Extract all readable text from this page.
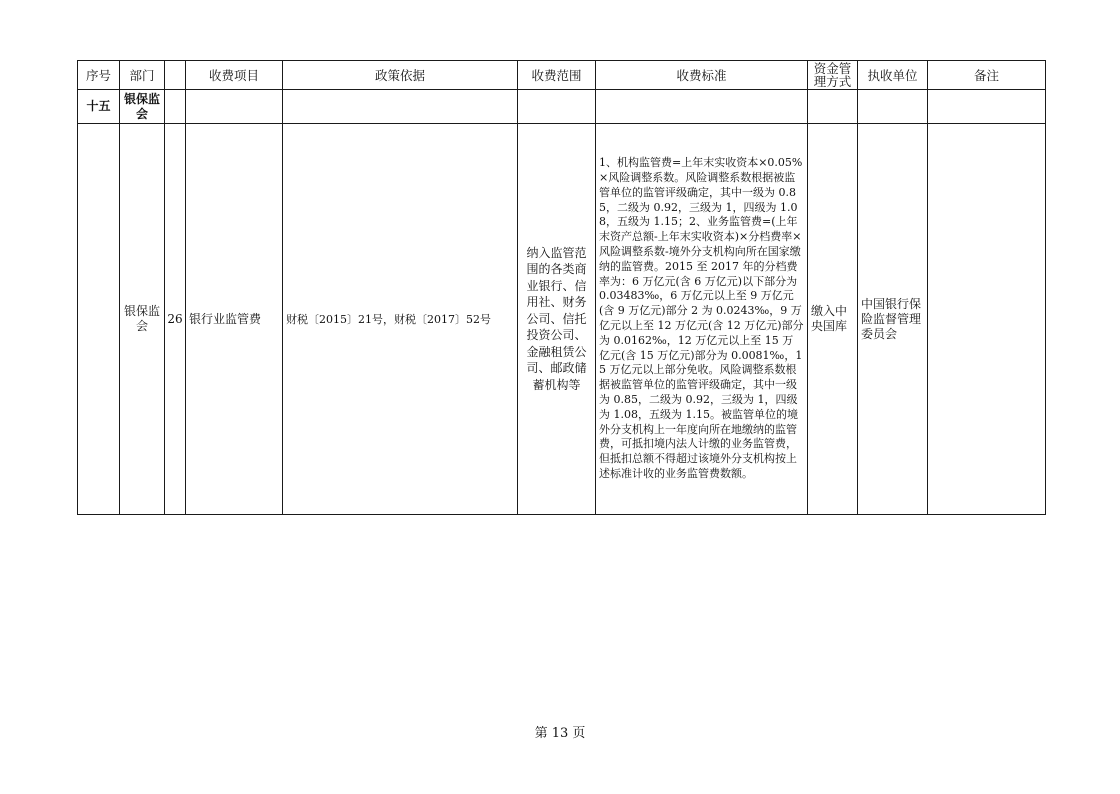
序号	部门		收费项目	政策依据	收费范围	收费标准	资金管理方式	执收单位	备注
十五	银保监会								
	银保监会	26	银行业监管费	财税〔2015〕21号，财税〔2017〕52号	纳入监管范围的各类商业银行、信用社、财务公司、信托投资公司、金融租赁公司、邮政储蓄机构等	1、机构监管费=上年末实收资本×0.05%×风险调整系数。风险调整系数根据被监管单位的监管评级确定，其中一级为 0.85，二级为 0.92，三级为 1，四级为 1.08，五级为 1.15；2、业务监管费=(上年末资产总额-上年末实收资本)×分档费率×风险调整系数-境外分支机构向所在国家缴纳的监管费。2015 至 2017 年的分档费率为：6 万亿元(含 6 万亿元)以下部分为 0.03483‰，6 万亿元以上至 9 万亿元(含 9 万亿元)部分 2 为 0.0243‰，9 万亿元以上至 12 万亿元(含 12 万亿元)部分为 0.0162‰，12 万亿元以上至 15 万亿元(含 15 万亿元)部分为 0.0081‰，15 万亿元以上部分免收。风险调整系数根据被监管单位的监管评级确定，其中一级为 0.85，二级为 0.92，三级为 1，四级为 1.08，五级为 1.15。被监管单位的境外分支机构上一年度向所在地缴纳的监管费，可抵扣境内法人计缴的业务监管费，但抵扣总额不得超过该境外分支机构按上述标准计收的业务监管费数额。	缴入中央国库	中国银行保险监督管理委员会	
第 13 页
